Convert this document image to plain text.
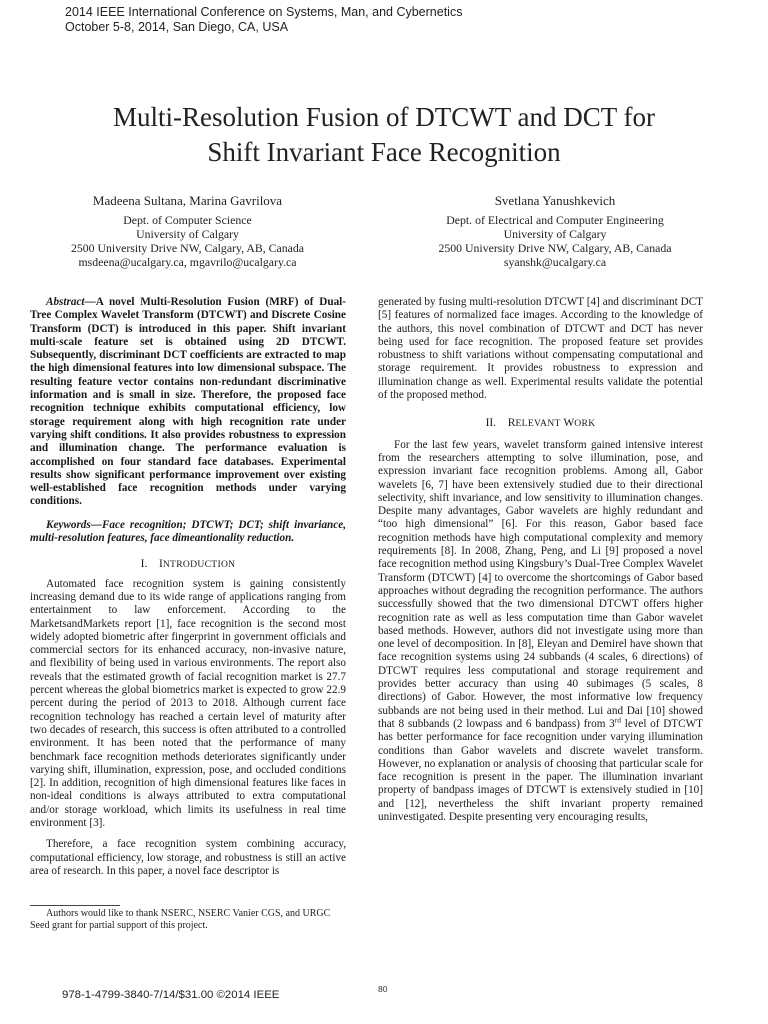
2014 IEEE International Conference on Systems, Man, and Cybernetics
October 5-8, 2014, San Diego, CA, USA
Multi-Resolution Fusion of DTCWT and DCT for
Shift Invariant Face Recognition
Madeena Sultana, Marina Gavrilova
Dept. of Computer Science
University of Calgary
2500 University Drive NW, Calgary, AB, Canada
msdeena@ucalgary.ca, mgavrilo@ucalgary.ca
Svetlana Yanushkevich
Dept. of Electrical and Computer Engineering
University of Calgary
2500 University Drive NW, Calgary, AB, Canada
syanshk@ucalgary.ca

Abstract—A novel Multi-Resolution Fusion (MRF) of Dual-Tree Complex Wavelet Transform (DTCWT) and Discrete Cosine Transform (DCT) is introduced in this paper. Shift invariant multi-scale feature set is obtained using 2D DTCWT. Subsequently, discriminant DCT coefficients are extracted to map the high dimensional features into low dimensional subspace. The resulting feature vector contains non-redundant discriminative information and is small in size. Therefore, the proposed face recognition technique exhibits computational efficiency, low storage requirement along with high recognition rate under varying shift conditions. It also provides robustness to expression and illumination change. The performance evaluation is accomplished on four standard face databases. Experimental results show significant performance improvement over existing well-established face recognition methods under varying conditions.

Keywords—Face recognition; DTCWT; DCT; shift invariance, multi-resolution features, face dimeantionality reduction.

I. INTRODUCTION

Automated face recognition system is gaining consistently increasing demand due to its wide range of applications ranging from entertainment to law enforcement. According to the MarketsandMarkets report [1], face recognition is the second most widely adopted biometric after fingerprint in government officials and commercial sectors for its enhanced accuracy, non-invasive nature, and flexibility of being used in various environments. The report also reveals that the estimated growth of facial recognition market is 27.7 percent whereas the global biometrics market is expected to grow 22.9 percent during the period of 2013 to 2018. Although current face recognition technology has reached a certain level of maturity after two decades of research, this success is often attributed to a controlled environment. It has been noted that the performance of many benchmark face recognition methods deteriorates significantly under varying shift, illumination, expression, pose, and occluded conditions [2]. In addition, recognition of high dimensional features like faces in non-ideal conditions is always attributed to extra computational and/or storage workload, which limits its usefulness in real time environment [3].

Therefore, a face recognition system combining accuracy, computational efficiency, low storage, and robustness is still an active area of research. In this paper, a novel face descriptor is

generated by fusing multi-resolution DTCWT [4] and discriminant DCT [5] features of normalized face images. According to the knowledge of the authors, this novel combination of DTCWT and DCT has never being used for face recognition. The proposed feature set provides robustness to shift variations without compensating computational and storage requirement. It provides robustness to expression and illumination change as well. Experimental results validate the potential of the proposed method.

II. RELEVANT WORK

For the last few years, wavelet transform gained intensive interest from the researchers attempting to solve illumination, pose, and expression invariant face recognition problems. Among all, Gabor wavelets [6, 7] have been extensively studied due to their directional selectivity, shift invariance, and low sensitivity to illumination changes. Despite many advantages, Gabor wavelets are highly redundant and “too high dimensional” [6]. For this reason, Gabor based face recognition methods have high computational complexity and memory requirements [8]. In 2008, Zhang, Peng, and Li [9] proposed a novel face recognition method using Kingsbury’s Dual-Tree Complex Wavelet Transform (DTCWT) [4] to overcome the shortcomings of Gabor based approaches without degrading the recognition performance. The authors successfully showed that the two dimensional DTCWT offers higher recognition rate as well as less computation time than Gabor wavelet based methods. However, authors did not investigate using more than one level of decomposition. In [8], Eleyan and Demirel have shown that face recognition systems using 24 subbands (4 scales, 6 directions) of DTCWT requires less computational and storage requirement and provides better accuracy than using 40 subimages (5 scales, 8 directions) of Gabor. However, the most informative low frequency subbands are not being used in their method. Lui and Dai [10] showed that 8 subbands (2 lowpass and 6 bandpass) from 3rd level of DTCWT has better performance for face recognition under varying illumination conditions than Gabor wavelets and discrete wavelet transform. However, no explanation or analysis of choosing that particular scale for face recognition is present in the paper. The illumination invariant property of bandpass images of DTCWT is extensively studied in [10] and [12], nevertheless the shift invariant property remained uninvestigated. Despite presenting very encouraging results,

Authors would like to thank NSERC, NSERC Vanier CGS, and URGC Seed grant for partial support of this project.
978-1-4799-3840-7/14/$31.00 ©2014 IEEE	80
